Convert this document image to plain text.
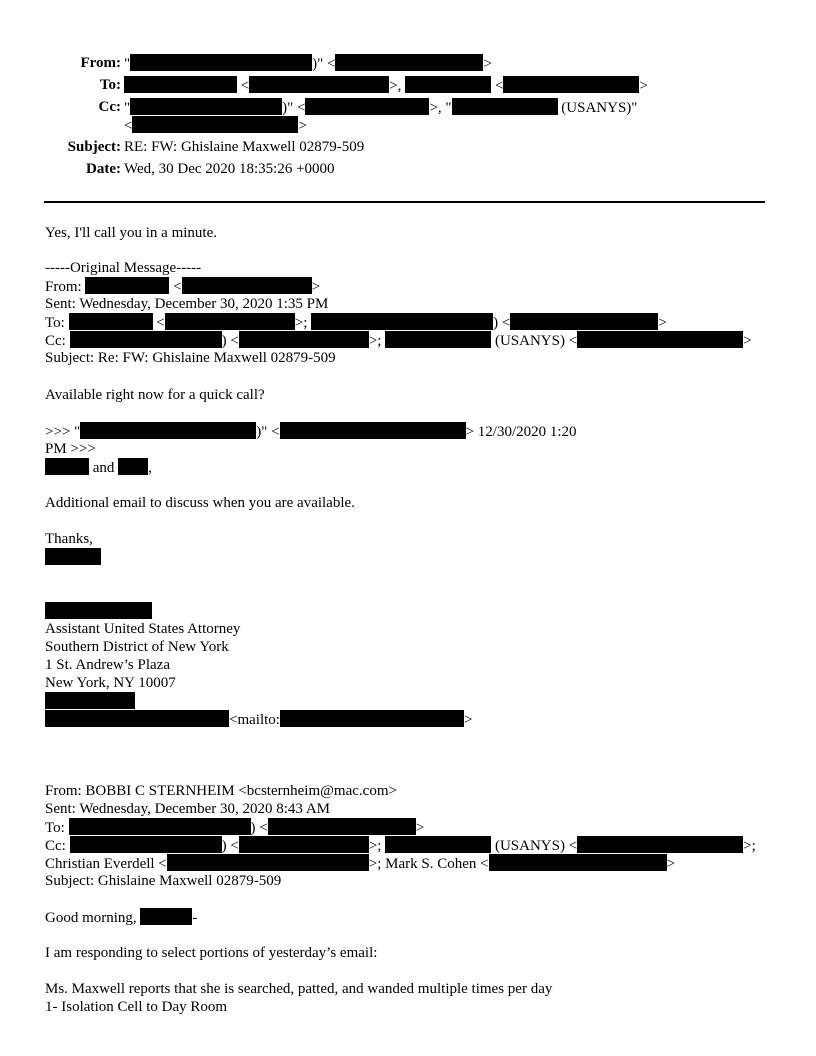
From: "	)" <	>
To:	<	>,	<	>
Cc: "	)" <	>, "	(USANYS)"
<	>
Subject: RE: FW: Ghislaine Maxwell 02879-509
Date: Wed, 30 Dec 2020 18:35:26 +0000
Yes, I'll call you in a minute.
-----Original Message-----
From:	<	>
Sent: Wednesday, December 30, 2020 1:35 PM
To:	<	>;	) <	>
Cc:	) <	>;	(USANYS) <	>
Subject: Re: FW: Ghislaine Maxwell 02879-509
Available right now for a quick call?
>>> "	)" <	> 12/30/2020 1:20
PM >>>
and ,
Additional email to discuss when you are available.
Thanks,
Assistant United States Attorney
Southern District of New York
1 St. Andrew’s Plaza
New York, NY 10007
<mailto:	>
From: BOBBI C STERNHEIM <bcsternheim@mac.com>
Sent: Wednesday, December 30, 2020 8:43 AM
To:	) <	>
Cc:	) <	>;	(USANYS) <	>;
Christian Everdell <	>; Mark S. Cohen <	>
Subject: Ghislaine Maxwell 02879-509
Good morning,	-
I am responding to select portions of yesterday’s email:
Ms. Maxwell reports that she is searched, patted, and wanded multiple times per day
1- Isolation Cell to Day Room
